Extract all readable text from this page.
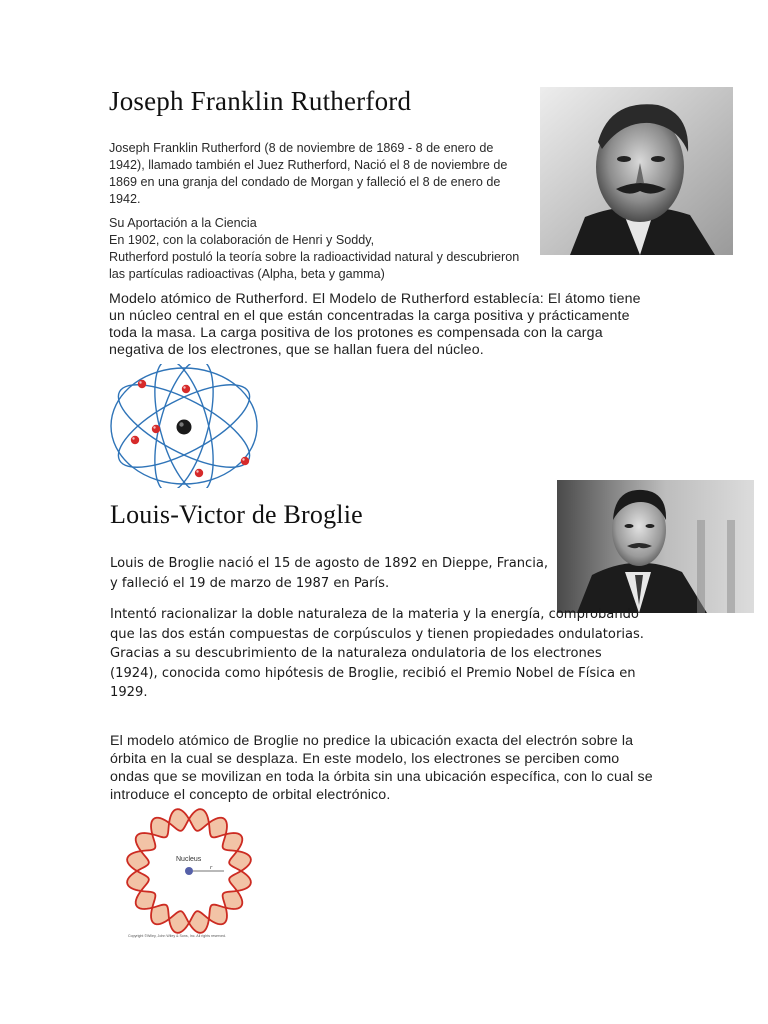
Joseph Franklin Rutherford

Joseph Franklin Rutherford (8 de noviembre de 1869 - 8 de enero de 1942), llamado también el Juez Rutherford, Nació el 8 de noviembre de 1869 en una granja del condado de Morgan y falleció el 8 de enero de 1942.

Su Aportación a la Ciencia

En 1902, con la colaboración de Henri y Soddy,

Rutherford postuló la teoría sobre la radioactividad natural y descubrieron las partículas radioactivas (Alpha, beta y gamma)

Modelo atómico de Rutherford. El Modelo de Rutherford establecía: El átomo tiene un núcleo central en el que están concentradas la carga positiva y prácticamente toda la masa. La carga positiva de los protones es compensada con la carga negativa de los electrones, que se hallan fuera del núcleo.

Louis-Victor de Broglie

Louis de Broglie nació el 15 de agosto de 1892 en Dieppe, Francia, y falleció el 19 de marzo de 1987 en París.

Intentó racionalizar la doble naturaleza de la materia y la energía, comprobando que las dos están compuestas de corpúsculos y tienen propiedades ondulatorias. Gracias a su descubrimiento de la naturaleza ondulatoria de los electrones (1924), conocida como hipótesis de Broglie, recibió el Premio Nobel de Física en 1929.

El modelo atómico de Broglie no predice la ubicación exacta del electrón sobre la órbita en la cual se desplaza. En este modelo, los electrones se perciben como ondas que se movilizan en toda la órbita sin una ubicación específica, con lo cual se introduce el concepto de orbital electrónico.

Nucleus
r
Copyright ©Wiley, John Wiley & Sons, Inc. All rights reserved.
